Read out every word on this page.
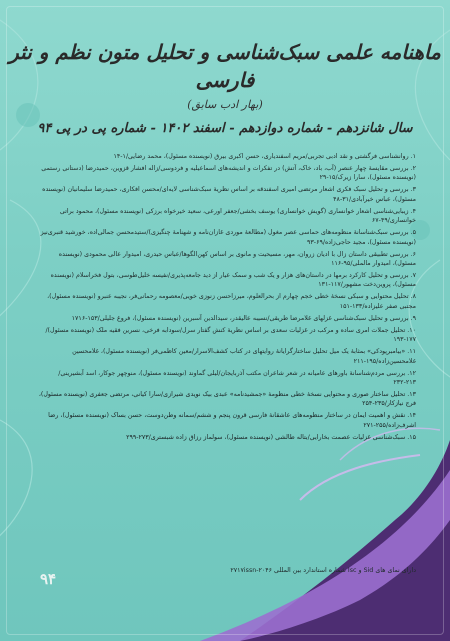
ماهنامه علمی سبک‌شناسی و تحلیل متون نظم و نثر فارسی
(بهار ادب سابق)
سال شانزدهم - شماره دوازدهم - اسفند ۱۴۰۲ - شماره پی در پی ۹۴
۱. روانشناسی فرگشتی و نقد ادبی تجربی/مریم اسفندیاری، حسن اکبری بیرق (نویسنده مسئول)، محمد رضایی/۱-۱۴
۲. بررسی مقایسهٔ چهار عنصر (آب، باد، خاک، آتش) در تفکرات و اندیشه‌های اسماعیلیه و فردوسی/زاله افشار قزوین، حمیدرضا (دستانی رستمی (نویسنده مسئول)، سارا زیرک/۱۵-۲۹
۳. بررسی و تحلیل سبک فکری اشعار مرتضی امیری اسفندقه بر اساس نظریهٔ سبک‌شناسی لایه‌ای/محسن افکاری، حمیدرضا سلیمانیان (نویسنده مسئول)، عباس خیرآبادی/۳۱-۴۸
۴. زیبایی‌شناسی اشعار خوانساری (گویش خوانساری) یوسف بخشی/جعفر اورعی، سعید خیرخواه برزکی (نویسنده مسئول)، محمود براتی خوانساری/۴۹-۶۷
۵. بررسی سبک‌شناسانهٔ منظومه‌های حماسی عصر مغول (مطالعهٔ موردی غازان‌نامه و شهنامهٔ چنگیزی)/ستیدمحسن جمالی‌اده، خورشید قنبری‌نیز (نویسنده مسئول)، مجید حاجی‌زاده/۶۹-۹۳
۶. بررسی تطبیقی داستان زال با ادیان زروان، مهر، مسیحیت و مانوی بر اساس کهن‌الگوها/عباس حیدری، امیدوار عالی محمودی (نویسنده مسئول)، امیدوار مالملی/۹۵-۱۱۶
۷. بررسی و تحلیل کارکرد برمها در داستان‌های هزار و یک شب و سمک عیار از دید جامعه‌پذیری/نفیسه خلیل‌طوسی، بتول فخراسلام (نویسنده مسئول)، پروین‌دخت مشهور/۱۱۷-۱۳۱
۸. تحلیل محتوایی و سبکی نسخهٔ خطی خجم چهارم از بحرالعلوم، میرزاحسن زنوزی خویی/معصومه رحمانی‌فر، نجیبه عنبرو (نویسنده مسئول)، مجتبی صفر علیزاده/۱۳۳-۱۵۱
۹. بررسی و تحلیل سبک‌شناسی غزلهای غلامرضا طریقی/نسیبه عالیقدر، سیدالدین آسبرین (نویسنده مسئول)، فروغ جلیلی/۱۵۳-۱۷۱۶
۱۰. تحلیل جملات امری ساده و مرکب در غزلیات سعدی بر اساس نظریهٔ کنش گفتار سرل/سودابه فرخی، نسرین فقیه ملک (نویسنده مسئول)/۱۷۷-۱۹۳
۱۱. «بیامبرپودکی» بمثابهٔ یک میل تحلیل ساختارگرایانهٔ روایتهای در کتاب کشف‌الاسرار/معین کاظمی‌فر (نویسنده مسئول)، غلامحسین غلامحسین‌زاده/۱۹۵-۲۱۱
۱۲. بررسی مردم‌شناسانهٔ باورهای عامیانه در شعر شاعران مکتب آذربایجان/لیلی گماوند (نویسنده مسئول)، منوچهر جوکار، اسد آبشیرینی/۲۱۳-۲۳۲
۱۳. تحلیل ساختار صوری و محتوایی نسخهٔ خطی منظومهٔ «جمشیدنامه» عبدی بیک نویدی شیرازی/سارا کیانی، مرتضی جعفری (نویسنده مسئول)، فرج نیازکار/۲۳۵-۲۵۴
۱۴. نقش و اهمیت ایمان در ساختار منظومه‌های عاشقانهٔ فارسی قرون پنجم و ششم/سمانه وطن‌دوست، حسن بساک (نویسنده مسئول)، رضا اشرف‌زاده/۲۵۵-۲۷۱
۱۵. سبک‌شناسی غزلیات عصمت بخارایی/بتاله طالشی (نویسنده مسئول)، سولماز رزاق زاده شبستری/۲۷۳-۲۹۹
دارای نمای های Sid و Isc شماره استاندارد بین المللی ۲۰۴۶-۲۷۱۷issn
۹۴
